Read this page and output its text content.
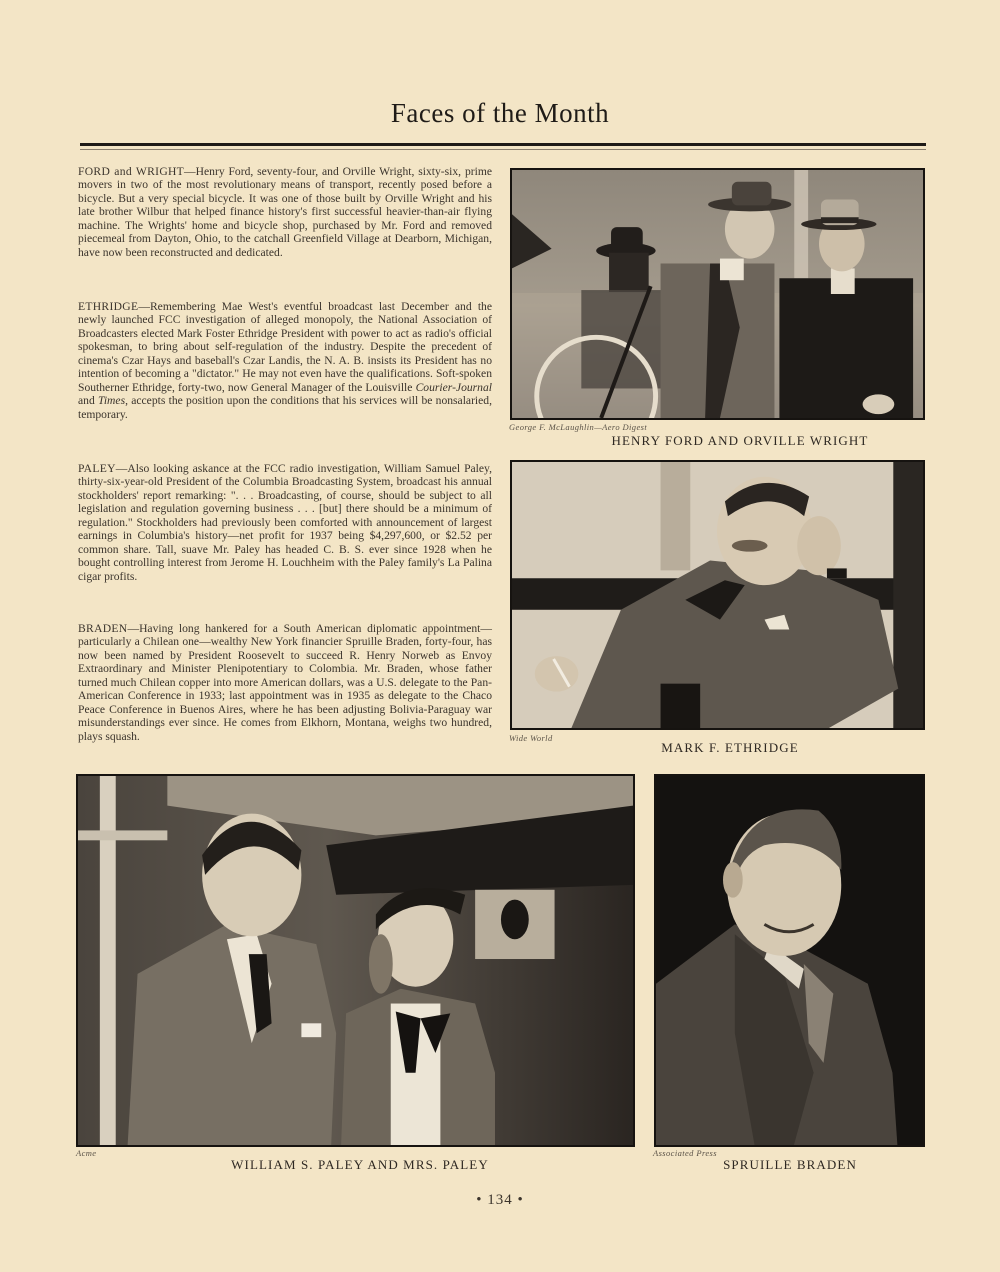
Faces of the Month

FORD and WRIGHT—Henry Ford, seventy-four, and Orville Wright, sixty-six, prime movers in two of the most revolutionary means of transport, recently posed before a bicycle. But a very special bicycle. It was one of those built by Orville Wright and his late brother Wilbur that helped finance history's first successful heavier-than-air flying machine. The Wrights' home and bicycle shop, purchased by Mr. Ford and removed piecemeal from Dayton, Ohio, to the catchall Greenfield Village at Dearborn, Michigan, have now been reconstructed and dedicated.

ETHRIDGE—Remembering Mae West's eventful broadcast last December and the newly launched FCC investigation of alleged monopoly, the National Association of Broadcasters elected Mark Foster Ethridge President with power to act as radio's official spokesman, to bring about self-regulation of the industry. Despite the precedent of cinema's Czar Hays and baseball's Czar Landis, the N. A. B. insists its President has no intention of becoming a "dictator." He may not even have the qualifications. Soft-spoken Southerner Ethridge, forty-two, now General Manager of the Louisville Courier-Journal and Times, accepts the position upon the conditions that his services will be nonsalaried, temporary.

PALEY—Also looking askance at the FCC radio investigation, William Samuel Paley, thirty-six-year-old President of the Columbia Broadcasting System, broadcast his annual stockholders' report remarking: ". . . Broadcasting, of course, should be subject to all legislation and regulation governing business . . . [but] there should be a minimum of regulation." Stockholders had previously been comforted with announcement of largest earnings in Columbia's history—net profit for 1937 being $4,297,600, or $2.52 per common share. Tall, suave Mr. Paley has headed C. B. S. ever since 1928 when he bought controlling interest from Jerome H. Louchheim with the Paley family's La Palina cigar profits.

BRADEN—Having long hankered for a South American diplomatic appointment—particularly a Chilean one—wealthy New York financier Spruille Braden, forty-four, has now been named by President Roosevelt to succeed R. Henry Norweb as Envoy Extraordinary and Minister Plenipotentiary to Colombia. Mr. Braden, whose father turned much Chilean copper into more American dollars, was a U.S. delegate to the Pan-American Conference in 1933; last appointment was in 1935 as delegate to the Chaco Peace Conference in Buenos Aires, where he has been adjusting Bolivia-Paraguay war misunderstandings ever since. He comes from Elkhorn, Montana, weighs two hundred, plays squash.

George F. McLaughlin—Aero Digest
HENRY FORD AND ORVILLE WRIGHT
Wide World
MARK F. ETHRIDGE
Acme
WILLIAM S. PALEY AND MRS. PALEY
Associated Press
SPRUILLE BRADEN
• 134 •
